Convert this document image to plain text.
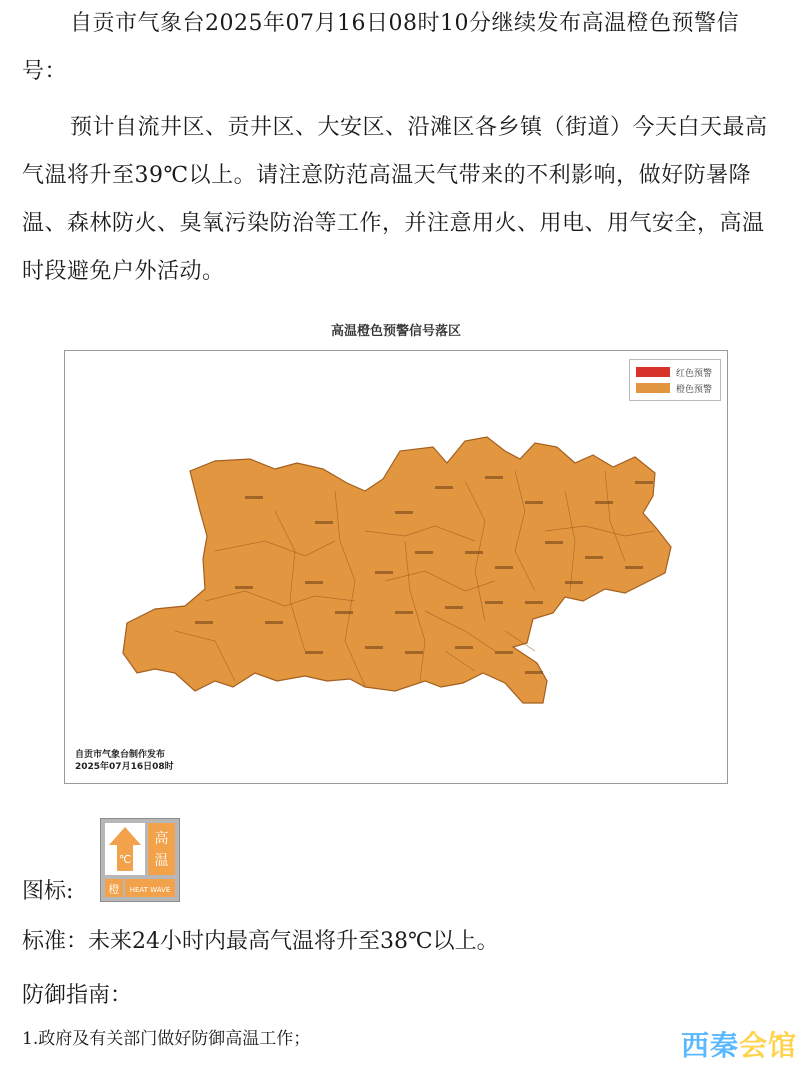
自贡市气象台2025年07月16日08时10分继续发布高温橙色预警信号：

预计自流井区、贡井区、大安区、沿滩区各乡镇（街道）今天白天最高气温将升至39℃以上。请注意防范高温天气带来的不利影响，做好防暑降温、森林防火、臭氧污染防治等工作，并注意用火、用电、用气安全，高温时段避免户外活动。

高温橙色预警信号落区
红色预警
橙色预警
自贡市气象台制作发布
2025年07月16日08时
图标:
℃
高
温
橙 HEAT WAVE

标准：未来24小时内最高气温将升至38℃以上。

防御指南：

1.政府及有关部门做好防御高温工作；	西秦会馆
